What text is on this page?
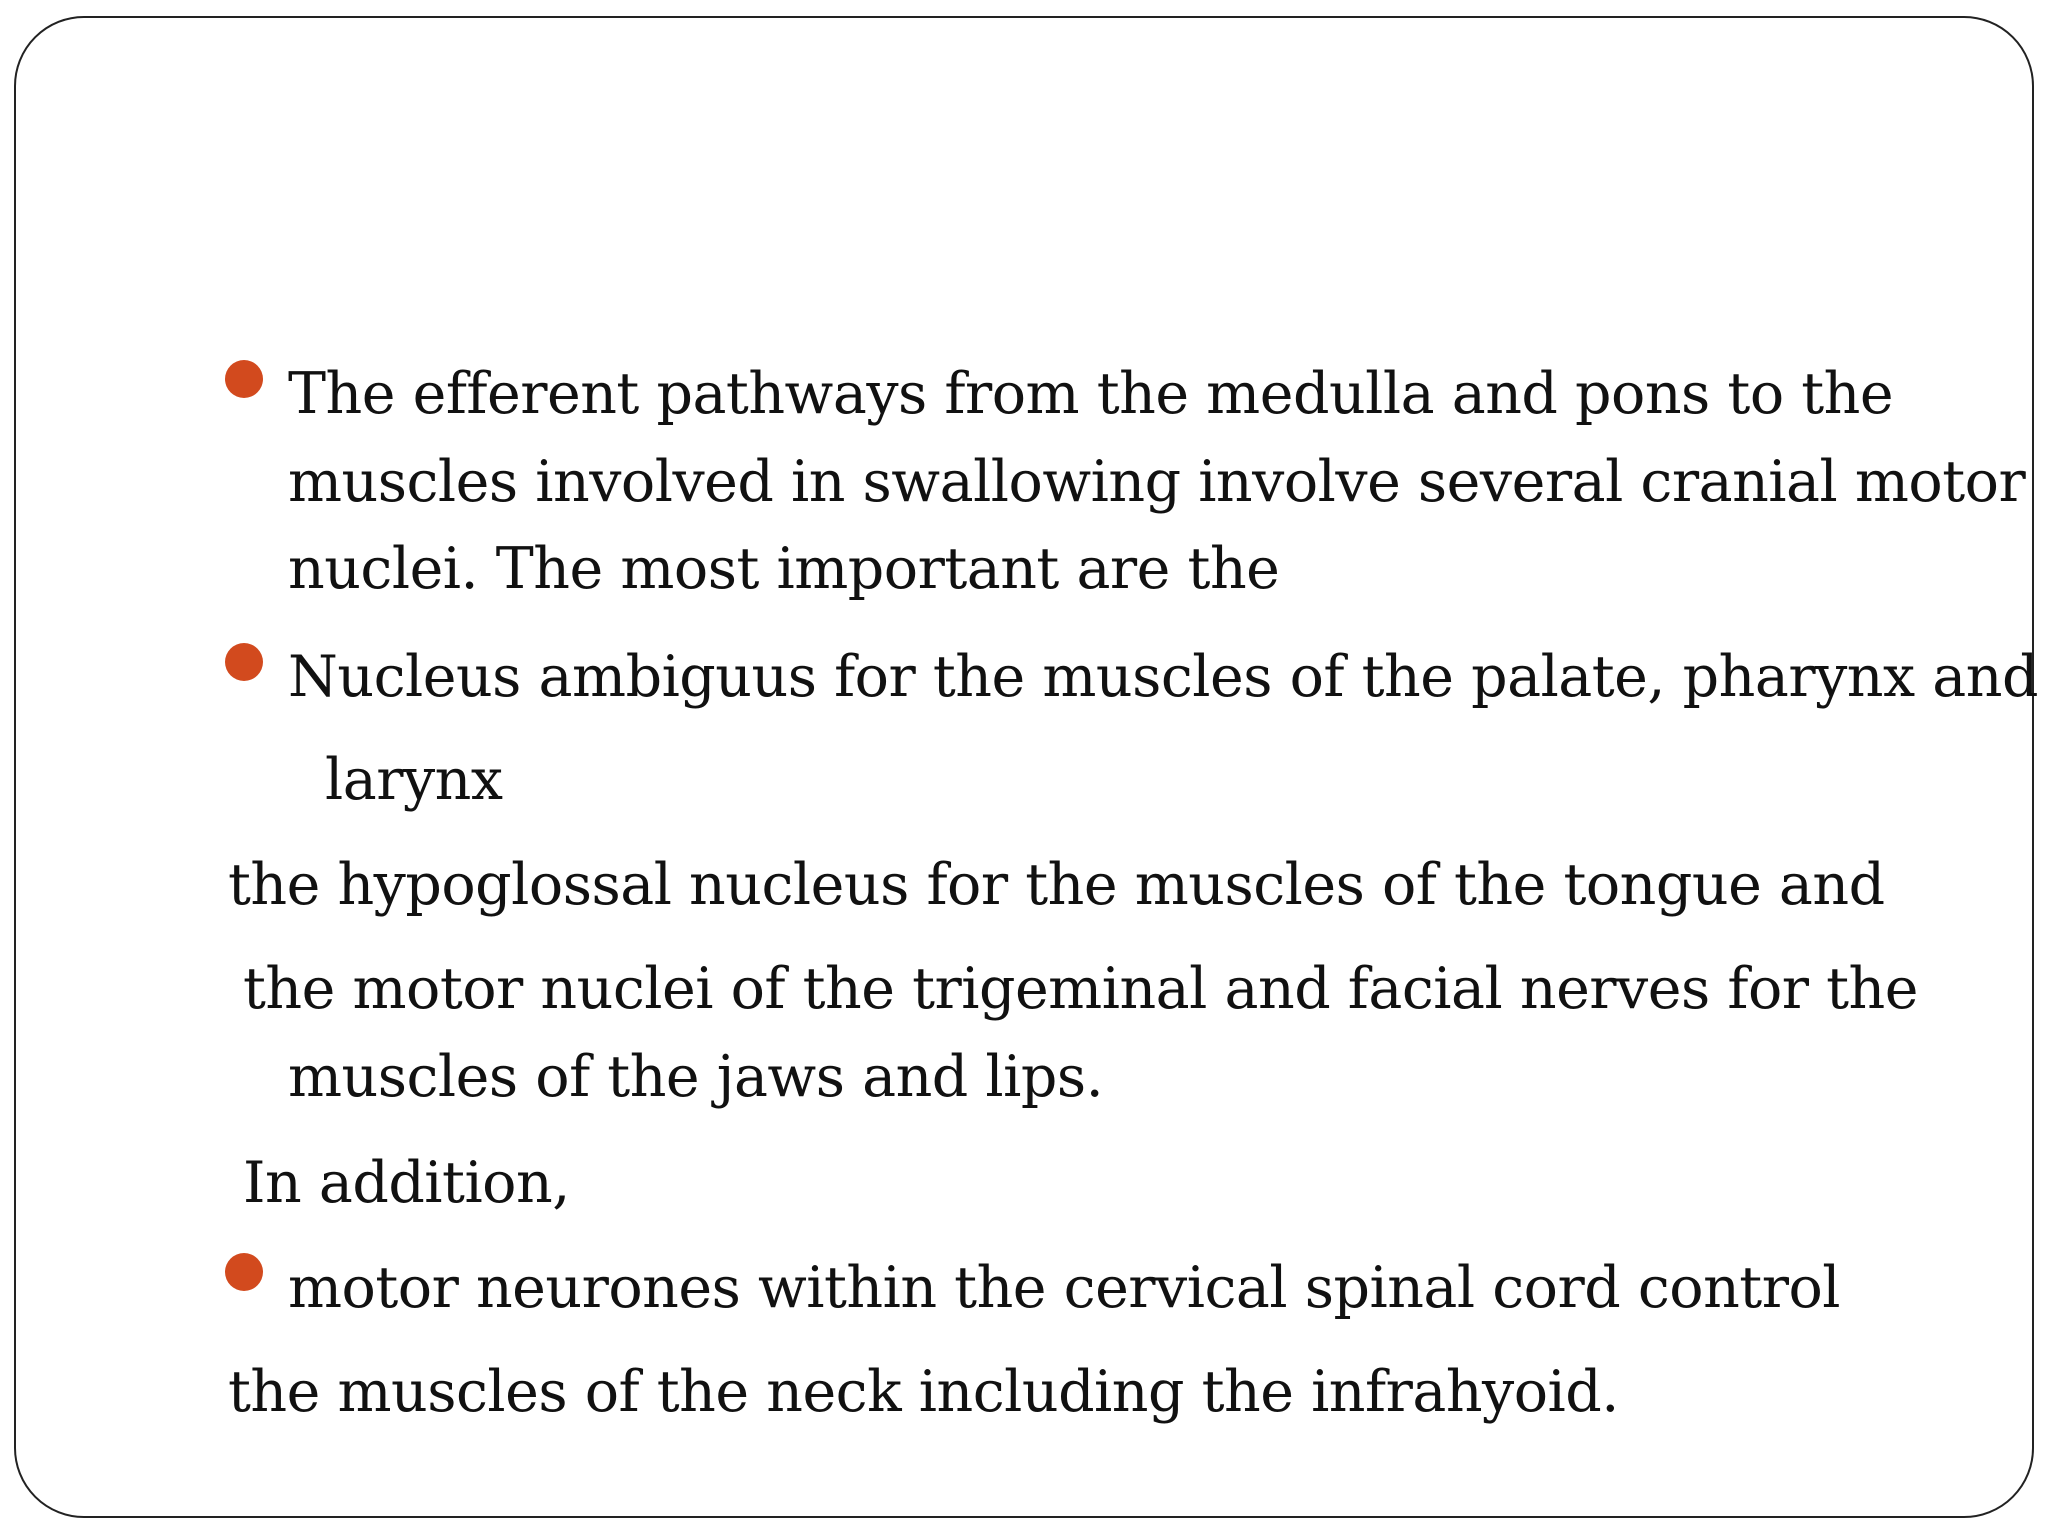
The efferent pathways from the medulla and pons to the
muscles involved in swallowing involve several cranial motor
nuclei. The most important are the
Nucleus ambiguus for the muscles of the palate, pharynx and
larynx
the hypoglossal nucleus for the muscles of the tongue and
the motor nuclei of the trigeminal and facial nerves for the
muscles of the jaws and lips.
In addition,
motor neurones within the cervical spinal cord control
the muscles of the neck including the infrahyoid.
